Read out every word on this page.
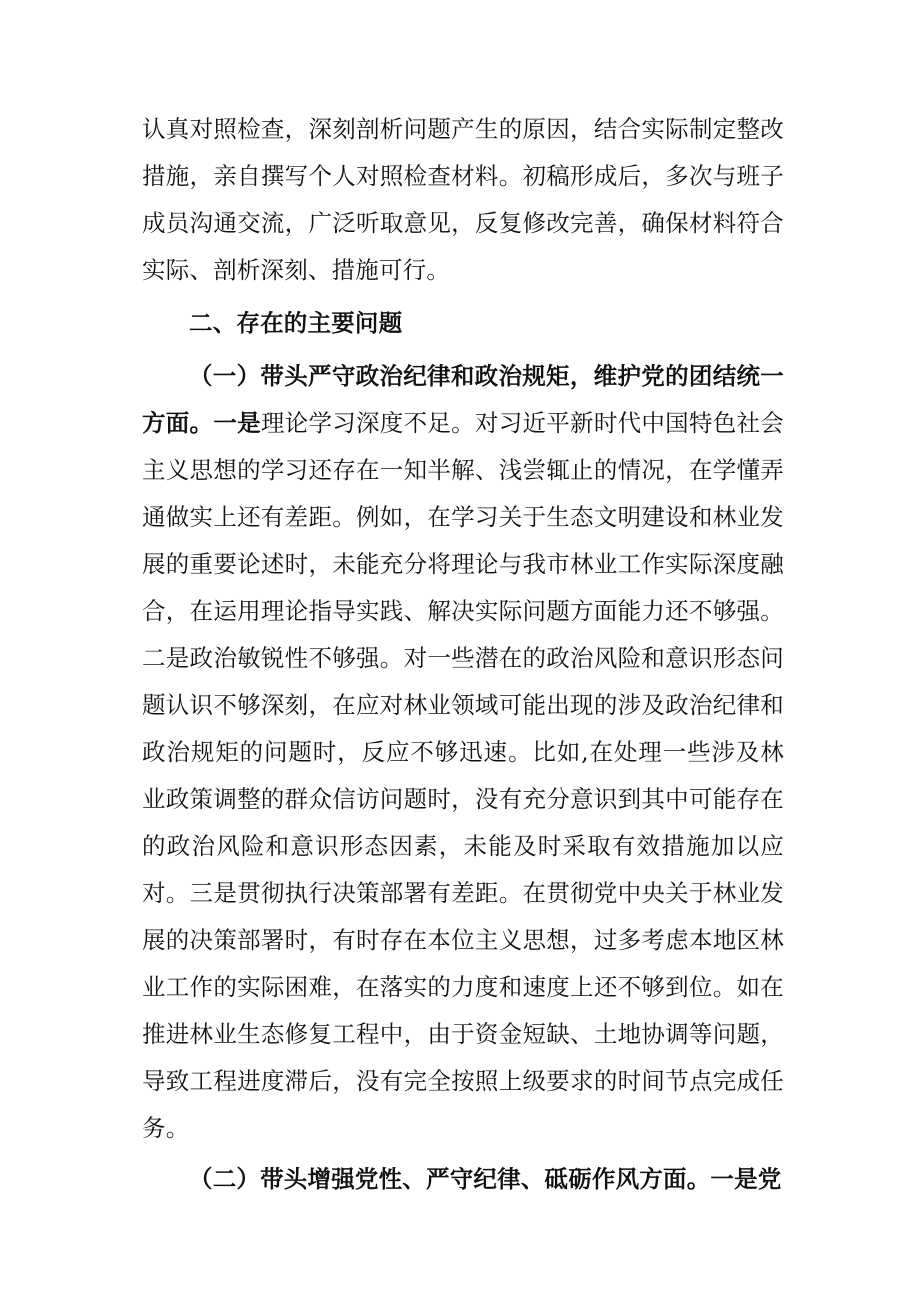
认真对照检查，深刻剖析问题产生的原因，结合实际制定整改措施，亲自撰写个人对照检查材料。初稿形成后，多次与班子成员沟通交流，广泛听取意见，反复修改完善，确保材料符合实际、剖析深刻、措施可行。

二、存在的主要问题

（一）带头严守政治纪律和政治规矩，维护党的团结统一方面。一是理论学习深度不足。对习近平新时代中国特色社会主义思想的学习还存在一知半解、浅尝辄止的情况，在学懂弄通做实上还有差距。例如，在学习关于生态文明建设和林业发展的重要论述时，未能充分将理论与我市林业工作实际深度融合，在运用理论指导实践、解决实际问题方面能力还不够强。二是政治敏锐性不够强。对一些潜在的政治风险和意识形态问题认识不够深刻，在应对林业领域可能出现的涉及政治纪律和政治规矩的问题时，反应不够迅速。比如,在处理一些涉及林业政策调整的群众信访问题时，没有充分意识到其中可能存在的政治风险和意识形态因素，未能及时采取有效措施加以应对。三是贯彻执行决策部署有差距。在贯彻党中央关于林业发展的决策部署时，有时存在本位主义思想，过多考虑本地区林业工作的实际困难，在落实的力度和速度上还不够到位。如在推进林业生态修复工程中，由于资金短缺、土地协调等问题，导致工程进度滞后，没有完全按照上级要求的时间节点完成任务。

（二）带头增强党性、严守纪律、砥砺作风方面。一是党
